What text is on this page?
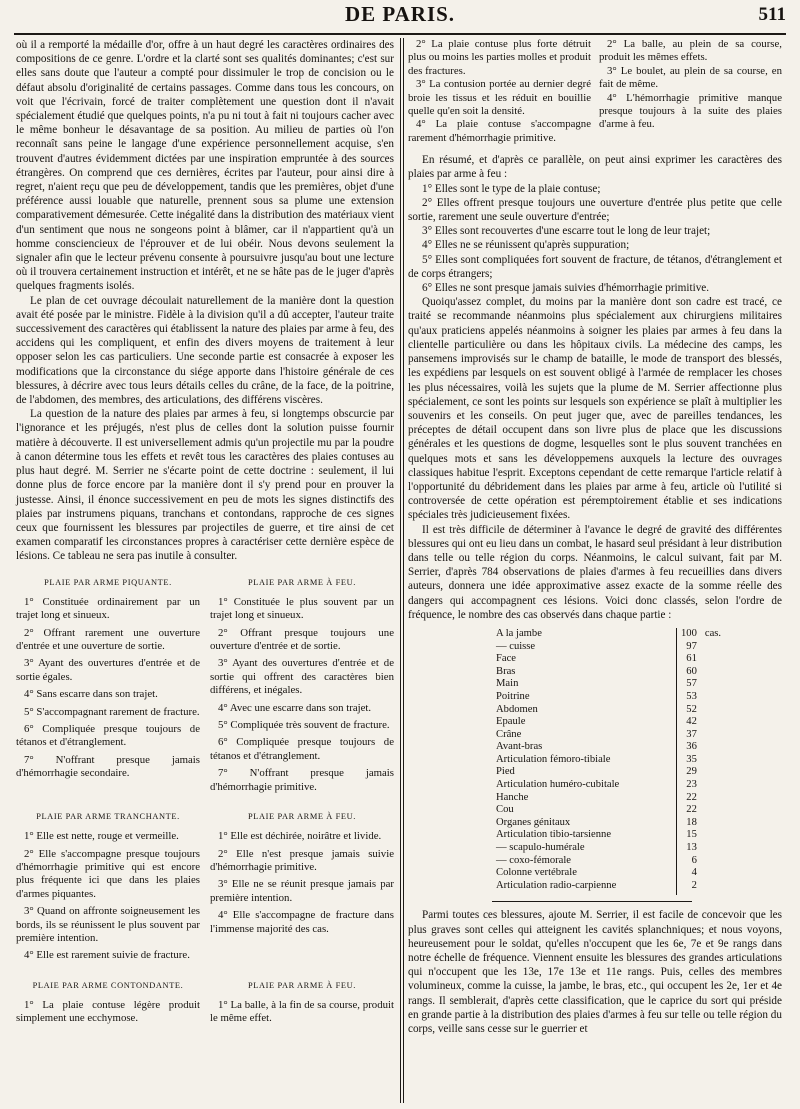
DE PARIS.	511

où il a remporté la médaille d'or, offre à un haut degré les caractères ordinaires des compositions de ce genre. L'ordre et la clarté sont ses qualités dominantes; c'est sur elles sans doute que l'auteur a compté pour dissimuler le trop de concision ou le défaut absolu d'originalité de certains passages. Comme dans tous les concours, on voit que l'écrivain, forcé de traiter complètement une question dont il n'avait spécialement étudié que quelques points, n'a pu ni tout à fait ni toujours cacher avec le même bonheur le désavantage de sa position. Au milieu de parties où l'on reconnaît sans peine le langage d'une expérience personnellement acquise, s'en trouvent d'autres évidemment dictées par une inspiration empruntée à des sources étrangères. On comprend que ces dernières, écrites par l'auteur, pour ainsi dire à regret, n'aient reçu que peu de développement, tandis que les premières, objet d'une préférence aussi louable que naturelle, prennent sous sa plume une extension comparativement démesurée. Cette inégalité dans la distribution des matériaux vient d'un sentiment que nous ne songeons point à blâmer, car il n'appartient qu'à un homme consciencieux de l'éprouver et de lui obéir. Nous devons seulement la signaler afin que le lecteur prévenu consente à poursuivre jusqu'au bout une lecture où il trouvera certainement instruction et intérêt, et ne se hâte pas de le juger d'après quelques fragments isolés.

Le plan de cet ouvrage découlait naturellement de la manière dont la question avait été posée par le ministre. Fidèle à la division qu'il a dû accepter, l'auteur traite successivement des caractères qui établissent la nature des plaies par arme à feu, des accidens qui les compliquent, et enfin des divers moyens de traitement à leur opposer selon les cas particuliers. Une seconde partie est consacrée à exposer les modifications que la circonstance du siége apporte dans l'histoire générale de ces blessures, à décrire avec tous leurs détails celles du crâne, de la face, de la poitrine, de l'abdomen, des membres, des articulations, des différens viscères.

La question de la nature des plaies par armes à feu, si longtemps obscurcie par l'ignorance et les préjugés, n'est plus de celles dont la solution puisse fournir matière à découverte. Il est universellement admis qu'un projectile mu par la poudre à canon détermine tous les effets et revêt tous les caractères des plaies contuses au plus haut degré. M. Serrier ne s'écarte point de cette doctrine : seulement, il lui donne plus de force encore par la manière dont il s'y prend pour en prouver la justesse. Ainsi, il énonce successivement en peu de mots les signes distinctifs des plaies par instrumens piquans, tranchans et contondans, rapproche de ces signes ceux que fournissent les blessures par projectiles de guerre, et tire ainsi de cet examen comparatif les circonstances propres à caractériser cette dernière espèce de lésions. Ce tableau ne sera pas inutile à consulter.

PLAIE PAR ARME PIQUANTE.

1° Constituée ordinairement par un trajet long et sinueux.

2° Offrant rarement une ouverture d'entrée et une ouverture de sortie.

3° Ayant des ouvertures d'entrée et de sortie égales.

4° Sans escarre dans son trajet.

5° S'accompagnant rarement de fracture.

6° Compliquée presque toujours de tétanos et d'étranglement.

7° N'offrant presque jamais d'hémorrhagie secondaire.

PLAIE PAR ARME À FEU.

1° Constituée le plus souvent par un trajet long et sinueux.

2° Offrant presque toujours une ouverture d'entrée et de sortie.

3° Ayant des ouvertures d'entrée et de sortie qui offrent des caractères bien différens, et inégales.

4° Avec une escarre dans son trajet.

5° Compliquée très souvent de fracture.

6° Compliquée presque toujours de tétanos et d'étranglement.

7° N'offrant presque jamais d'hémorrhagie primitive.

PLAIE PAR ARME TRANCHANTE.

1° Elle est nette, rouge et vermeille.

2° Elle s'accompagne presque toujours d'hémorrhagie primitive qui est encore plus fréquente ici que dans les plaies d'armes piquantes.

3° Quand on affronte soigneusement les bords, ils se réunissent le plus souvent par première intention.

4° Elle est rarement suivie de fracture.

PLAIE PAR ARME À FEU.

1° Elle est déchirée, noirâtre et livide.

2° Elle n'est presque jamais suivie d'hémorrhagie primitive.

3° Elle ne se réunit presque jamais par première intention.

4° Elle s'accompagne de fracture dans l'immense majorité des cas.

PLAIE PAR ARME CONTONDANTE.

1° La plaie contuse légère produit simplement une ecchymose.

PLAIE PAR ARME À FEU.

1° La balle, à la fin de sa course, produit le même effet.

2° La plaie contuse plus forte détruit plus ou moins les parties molles et produit des fractures.

3° La contusion portée au dernier degré broie les tissus et les réduit en bouillie quelle qu'en soit la densité.

4° La plaie contuse s'accompagne rarement d'hémorrhagie primitive.

2° La balle, au plein de sa course, produit les mêmes effets.

3° Le boulet, au plein de sa course, en fait de même.

4° L'hémorrhagie primitive manque presque toujours à la suite des plaies d'arme à feu.

En résumé, et d'après ce parallèle, on peut ainsi exprimer les caractères des plaies par arme à feu :

1° Elles sont le type de la plaie contuse;

2° Elles offrent presque toujours une ouverture d'entrée plus petite que celle sortie, rarement une seule ouverture d'entrée;

3° Elles sont recouvertes d'une escarre tout le long de leur trajet;

4° Elles ne se réunissent qu'après suppuration;

5° Elles sont compliquées fort souvent de fracture, de tétanos, d'étranglement et de corps étrangers;

6° Elles ne sont presque jamais suivies d'hémorrhagie primitive.

Quoiqu'assez complet, du moins par la manière dont son cadre est tracé, ce traité se recommande néanmoins plus spécialement aux chirurgiens militaires qu'aux praticiens appelés néanmoins à soigner les plaies par armes à feu dans la clientelle particulière ou dans les hôpitaux civils. La médecine des camps, les pansemens improvisés sur le champ de bataille, le mode de transport des blessés, les expédiens par lesquels on est souvent obligé à l'armée de remplacer les choses les plus nécessaires, voilà les sujets que la plume de M. Serrier affectionne plus spécialement, ce sont les points sur lesquels son expérience se plaît à multiplier les souvenirs et les conseils. On peut juger que, avec de pareilles tendances, les préceptes de détail occupent dans son livre plus de place que les discussions générales et les questions de dogme, lesquelles sont le plus souvent tranchées en quelques mots et sans les développemens auxquels la lecture des ouvrages classiques habitue l'esprit. Exceptons cependant de cette remarque l'article relatif à l'opportunité du débridement dans les plaies par arme à feu, article où l'utilité si controversée de cette opération est péremptoirement établie et ses indications spéciales très judicieusement fixées.

Il est très difficile de déterminer à l'avance le degré de gravité des différentes blessures qui ont eu lieu dans un combat, le hasard seul présidant à leur distribution dans telle ou telle région du corps. Néanmoins, le calcul suivant, fait par M. Serrier, d'après 784 observations de plaies d'armes à feu recueillies dans divers auteurs, donnera une idée approximative assez exacte de la somme réelle des dangers qui accompagnent ces lésions. Voici donc classés, selon l'ordre de fréquence, le nombre des cas observés dans chaque partie :

A la jambe	100	cas.
— cuisse	97	
Face	61	
Bras	60	
Main	57	
Poitrine	53	
Abdomen	52	
Epaule	42	
Crâne	37	
Avant-bras	36	
Articulation fémoro-tibiale	35	
Pied	29	
Articulation huméro-cubitale	23	
Hanche	22	
Cou	22	
Organes génitaux	18	
Articulation tibio-tarsienne	15	
— scapulo-humérale	13	
— coxo-fémorale	6	
Colonne vertébrale	4	
Articulation radio-carpienne	2	

Parmi toutes ces blessures, ajoute M. Serrier, il est facile de concevoir que les plus graves sont celles qui atteignent les cavités splanchniques; et nous voyons, heureusement pour le soldat, qu'elles n'occupent que les 6e, 7e et 9e rangs dans notre échelle de fréquence. Viennent ensuite les blessures des grandes articulations qui n'occupent que les 13e, 17e 13e et 11e rangs. Puis, celles des membres volumineux, comme la cuisse, la jambe, le bras, etc., qui occupent les 2e, 1er et 4e rangs. Il semblerait, d'après cette classification, que le caprice du sort qui préside en grande partie à la distribution des plaies d'armes à feu sur telle ou telle région du corps, veille sans cesse sur le guerrier et
